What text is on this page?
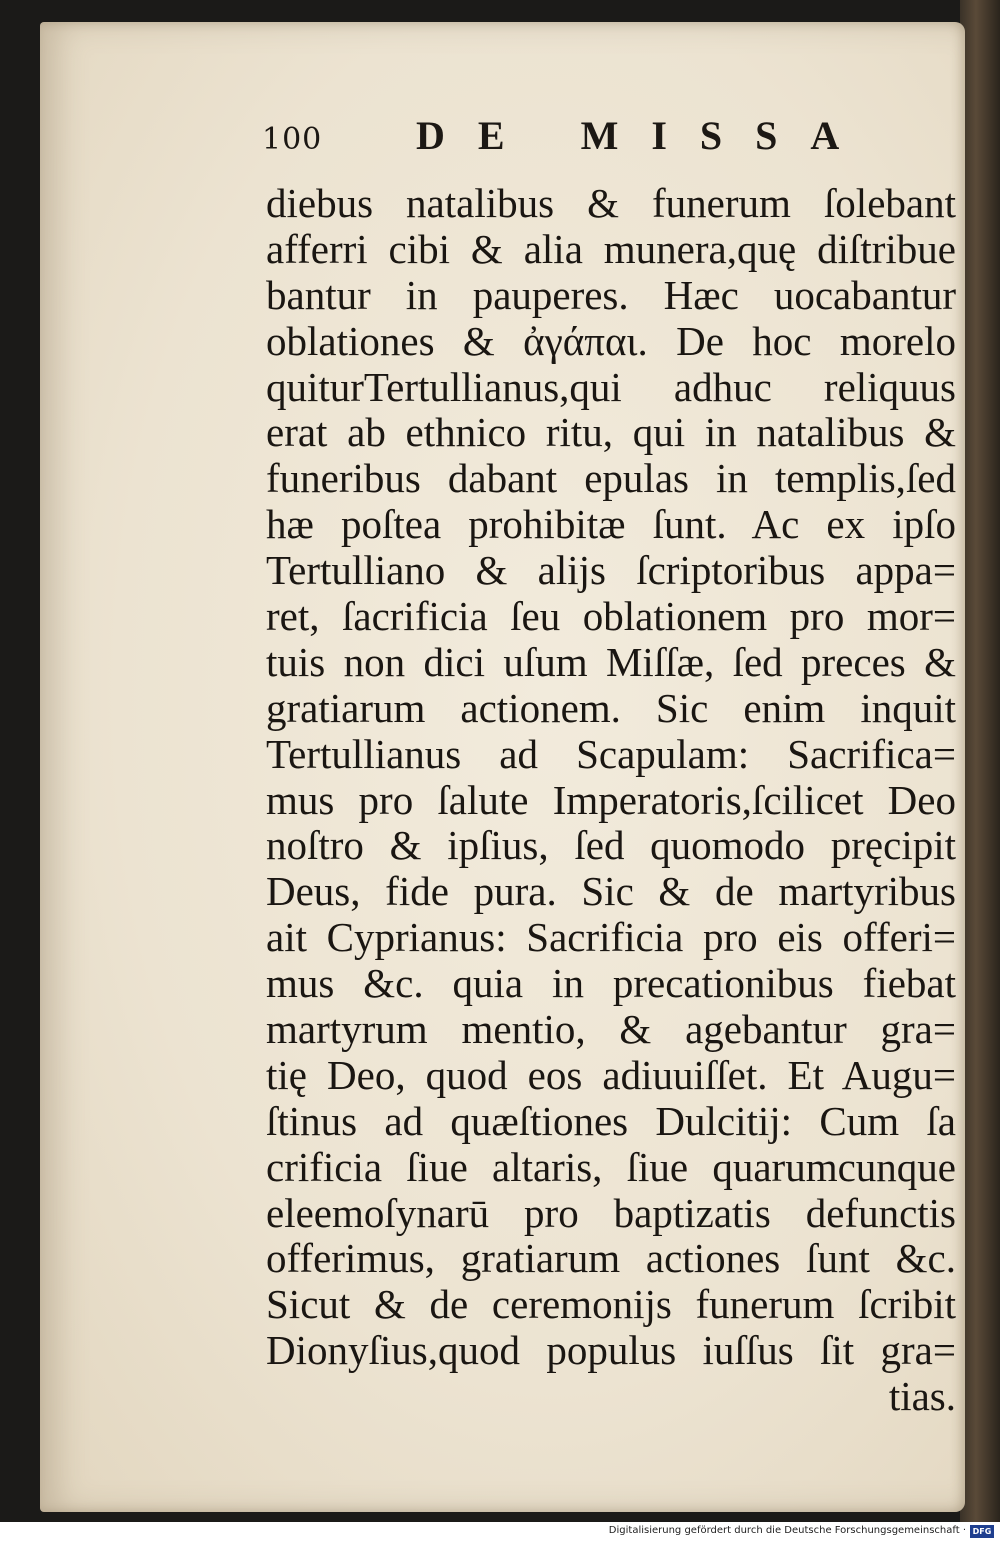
100 DE MISSA
diebus natalibus & funerum ſolebant
afferri cibi & alia munera,quę diſtribue
bantur in pauperes. Hæc uocabantur
oblationes & ἀγάπαι. De hoc morelo
quiturTertullianus,qui adhuc reliquus
erat ab ethnico ritu, qui in natalibus &
funeribus dabant epulas in templis,ſed
hæ poſtea prohibitæ ſunt. Ac ex ipſo
Tertulliano & alijs ſcriptoribus appa=
ret, ſacrificia ſeu oblationem pro mor=
tuis non dici uſum Miſſæ, ſed preces &
gratiarum actionem. Sic enim inquit
Tertullianus ad Scapulam: Sacrifica=
mus pro ſalute Imperatoris,ſcilicet Deo
noſtro & ipſius, ſed quomodo pręcipit
Deus, fide pura. Sic & de martyribus
ait Cyprianus: Sacrificia pro eis offeri=
mus &c. quia in precationibus fiebat
martyrum mentio, & agebantur gra=
tię Deo, quod eos adiuuiſſet. Et Augu=
ſtinus ad quæſtiones Dulcitij: Cum ſa
crificia ſiue altaris, ſiue quarumcunque
eleemoſynarū pro baptizatis defunctis
offerimus, gratiarum actiones ſunt &c.
Sicut & de ceremonijs funerum ſcribit
Dionyſius,quod populus iuſſus ſit gra=
tias.
Digitalisierung gefördert durch die Deutsche Forschungsgemeinschaft · DFG
